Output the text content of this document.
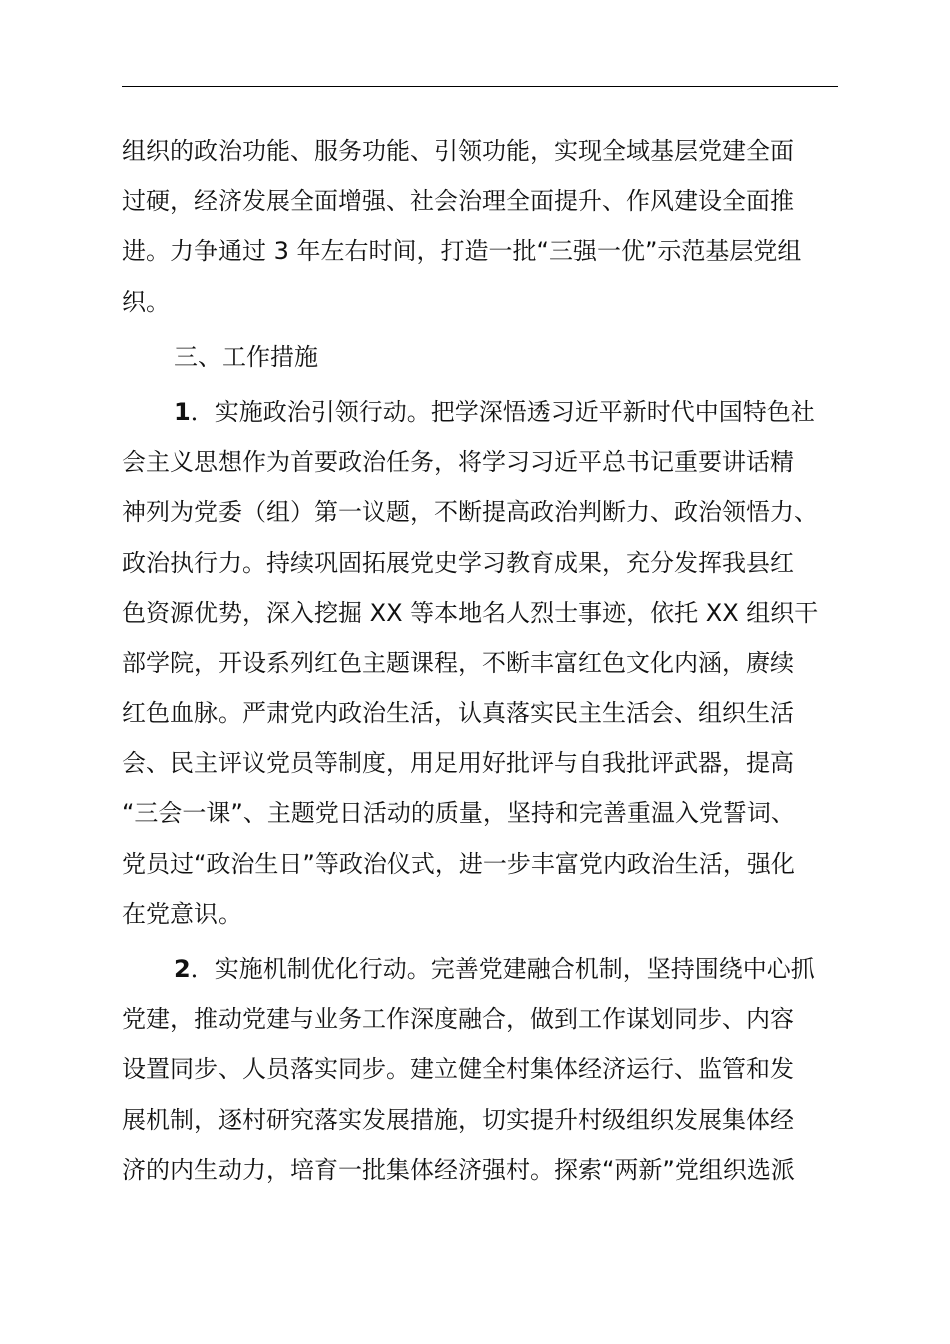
组织的政治功能、服务功能、引领功能，实现全域基层党建全面
过硬，经济发展全面增强、社会治理全面提升、作风建设全面推
进。力争通过 3 年左右时间，打造一批“三强一优”示范基层党组
织。
三、工作措施
1．实施政治引领行动。把学深悟透习近平新时代中国特色社
会主义思想作为首要政治任务，将学习习近平总书记重要讲话精
神列为党委（组）第一议题，不断提高政治判断力、政治领悟力、
政治执行力。持续巩固拓展党史学习教育成果，充分发挥我县红
色资源优势，深入挖掘 XX 等本地名人烈士事迹，依托 XX 组织干
部学院，开设系列红色主题课程，不断丰富红色文化内涵，赓续
红色血脉。严肃党内政治生活，认真落实民主生活会、组织生活
会、民主评议党员等制度，用足用好批评与自我批评武器，提高
“三会一课”、主题党日活动的质量，坚持和完善重温入党誓词、
党员过“政治生日”等政治仪式，进一步丰富党内政治生活，强化
在党意识。
2．实施机制优化行动。完善党建融合机制，坚持围绕中心抓
党建，推动党建与业务工作深度融合，做到工作谋划同步、内容
设置同步、人员落实同步。建立健全村集体经济运行、监管和发
展机制，逐村研究落实发展措施，切实提升村级组织发展集体经
济的内生动力，培育一批集体经济强村。探索“两新”党组织选派
